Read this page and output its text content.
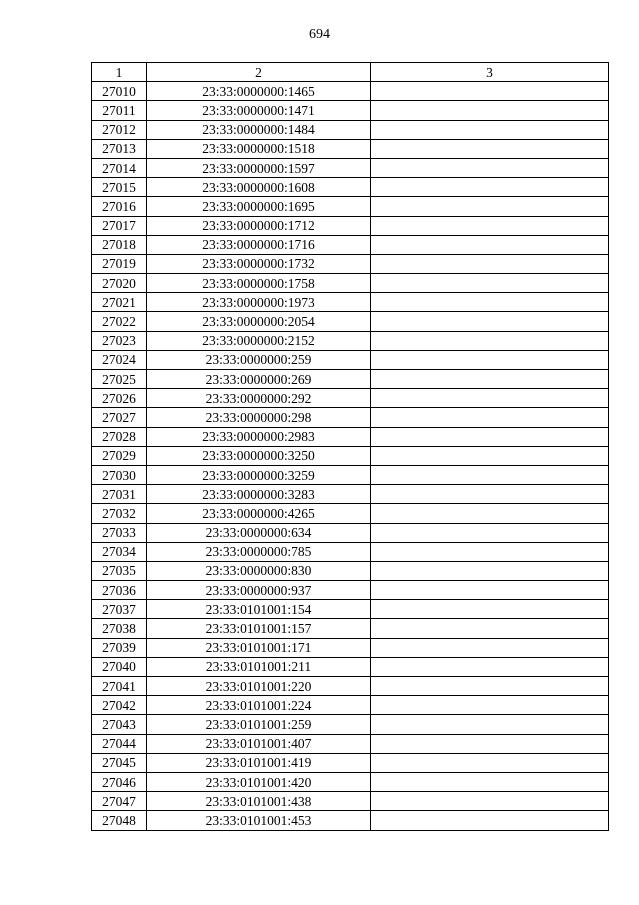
694
1	2	3
27010	23:33:0000000:1465	
27011	23:33:0000000:1471	
27012	23:33:0000000:1484	
27013	23:33:0000000:1518	
27014	23:33:0000000:1597	
27015	23:33:0000000:1608	
27016	23:33:0000000:1695	
27017	23:33:0000000:1712	
27018	23:33:0000000:1716	
27019	23:33:0000000:1732	
27020	23:33:0000000:1758	
27021	23:33:0000000:1973	
27022	23:33:0000000:2054	
27023	23:33:0000000:2152	
27024	23:33:0000000:259	
27025	23:33:0000000:269	
27026	23:33:0000000:292	
27027	23:33:0000000:298	
27028	23:33:0000000:2983	
27029	23:33:0000000:3250	
27030	23:33:0000000:3259	
27031	23:33:0000000:3283	
27032	23:33:0000000:4265	
27033	23:33:0000000:634	
27034	23:33:0000000:785	
27035	23:33:0000000:830	
27036	23:33:0000000:937	
27037	23:33:0101001:154	
27038	23:33:0101001:157	
27039	23:33:0101001:171	
27040	23:33:0101001:211	
27041	23:33:0101001:220	
27042	23:33:0101001:224	
27043	23:33:0101001:259	
27044	23:33:0101001:407	
27045	23:33:0101001:419	
27046	23:33:0101001:420	
27047	23:33:0101001:438	
27048	23:33:0101001:453	
